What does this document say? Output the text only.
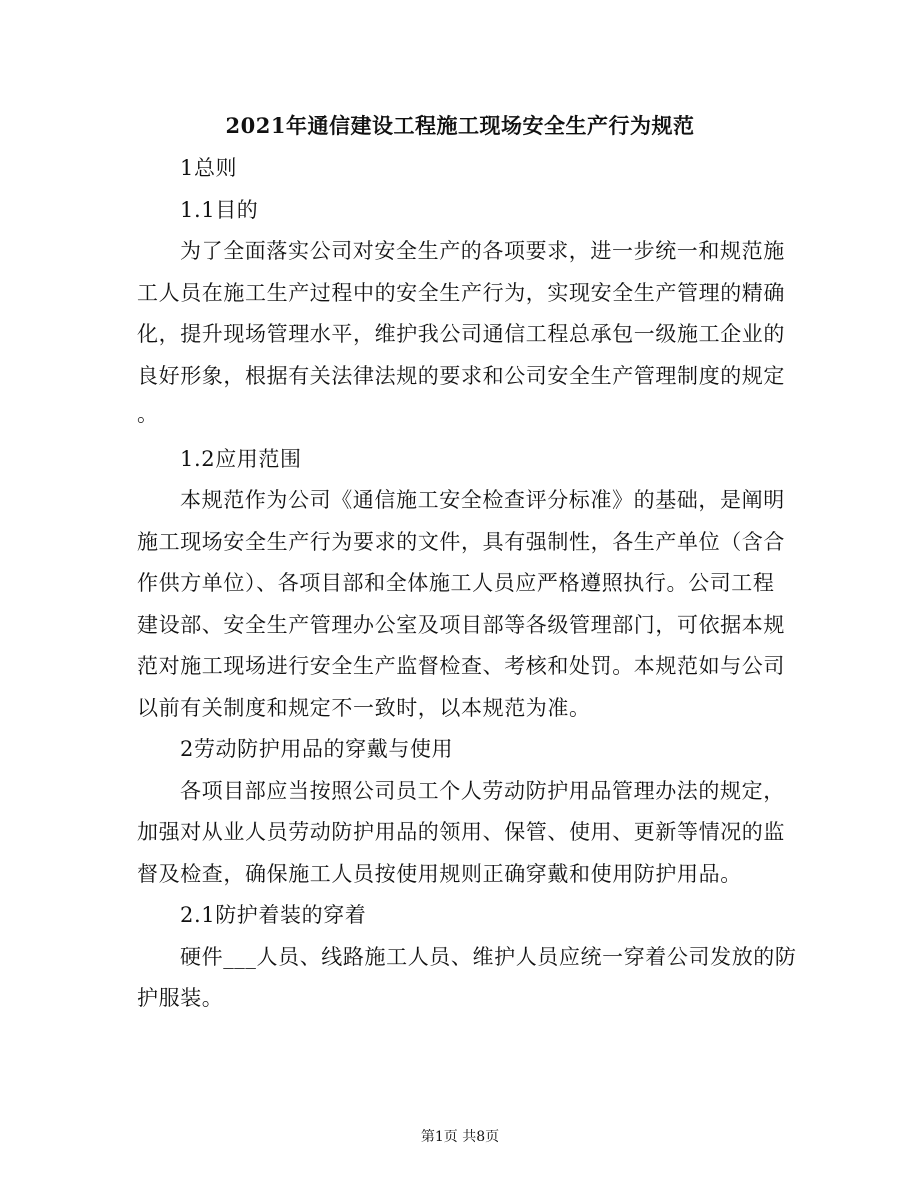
2021年通信建设工程施工现场安全生产行为规范
1总则
1.1目的
为了全面落实公司对安全生产的各项要求，进一步统一和规范施
工人员在施工生产过程中的安全生产行为，实现安全生产管理的精确
化，提升现场管理水平，维护我公司通信工程总承包一级施工企业的
良好形象，根据有关法律法规的要求和公司安全生产管理制度的规定
。
1.2应用范围
本规范作为公司《通信施工安全检查评分标准》的基础，是阐明
施工现场安全生产行为要求的文件，具有强制性，各生产单位（含合
作供方单位）、各项目部和全体施工人员应严格遵照执行。公司工程
建设部、安全生产管理办公室及项目部等各级管理部门，可依据本规
范对施工现场进行安全生产监督检查、考核和处罚。本规范如与公司
以前有关制度和规定不一致时，以本规范为准。
2劳动防护用品的穿戴与使用
各项目部应当按照公司员工个人劳动防护用品管理办法的规定，
加强对从业人员劳动防护用品的领用、保管、使用、更新等情况的监
督及检查，确保施工人员按使用规则正确穿戴和使用防护用品。
2.1防护着装的穿着
硬件___人员、线路施工人员、维护人员应统一穿着公司发放的防
护服装。
第1页 共8页
